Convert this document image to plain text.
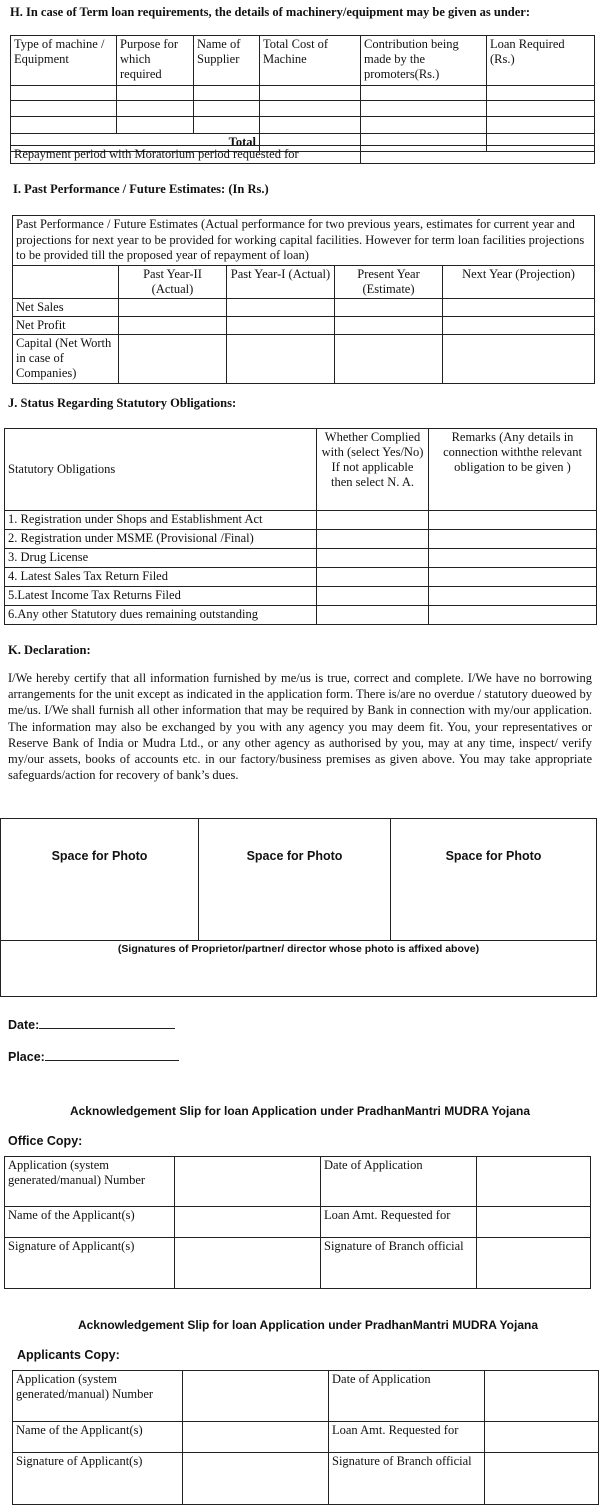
H. In case of Term loan requirements, the details of machinery/equipment may be given as under:
Type of machine / Equipment	Purpose for which required	Name of Supplier	Total Cost of Machine	Contribution being made by the promoters(Rs.)	Loan Required (Rs.)

Total					
Repayment period with Moratorium period requested for	
I. Past Performance / Future Estimates: (In Rs.)
Past Performance / Future Estimates (Actual performance for two previous years, estimates for current year and projections for next year to be provided for working capital facilities. However for term loan facilities projections to be provided till the proposed year of repayment of loan)				
	Past Year-II (Actual)	Past Year-I (Actual)	Present Year (Estimate)	Next Year (Projection)
Net Sales				
Net Profit				
Capital (Net Worth in case of Companies)				
J. Status Regarding Statutory Obligations:
Statutory Obligations	Whether Complied with (select Yes/No) If not applicable then select N. A.	Remarks (Any details in connection withthe relevant obligation to be given )
1. Registration under Shops and Establishment Act		
2. Registration under MSME (Provisional /Final)		
3. Drug License		
4. Latest Sales Tax Return Filed		
5.Latest Income Tax Returns Filed		
6.Any other Statutory dues remaining outstanding		
K. Declaration:
I/We hereby certify that all information furnished by me/us is true, correct and complete. I/We have no borrowing arrangements for the unit except as indicated in the application form. There is/are no overdue / statutory dueowed by me/us. I/We shall furnish all other information that may be required by Bank in connection with my/our application. The information may also be exchanged by you with any agency you may deem fit. You, your representatives or Reserve Bank of India or Mudra Ltd., or any other agency as authorised by you, may at any time, inspect/ verify my/our assets, books of accounts etc. in our factory/business premises as given above. You may take appropriate safeguards/action for recovery of bank’s dues.
Space for Photo	Space for Photo	Space for Photo
(Signatures of Proprietor/partner/ director whose photo is affixed above)
Date:
Place:
Acknowledgement Slip for loan Application under PradhanMantri MUDRA Yojana
Office Copy:
Application (system generated/manual) Number		Date of Application	
Name of the Applicant(s)		Loan Amt. Requested for	
Signature of Applicant(s)		Signature of Branch official	
Acknowledgement Slip for loan Application under PradhanMantri MUDRA Yojana
Applicants Copy:
Application (system generated/manual) Number		Date of Application	
Name of the Applicant(s)		Loan Amt. Requested for	
Signature of Applicant(s)		Signature of Branch official	
